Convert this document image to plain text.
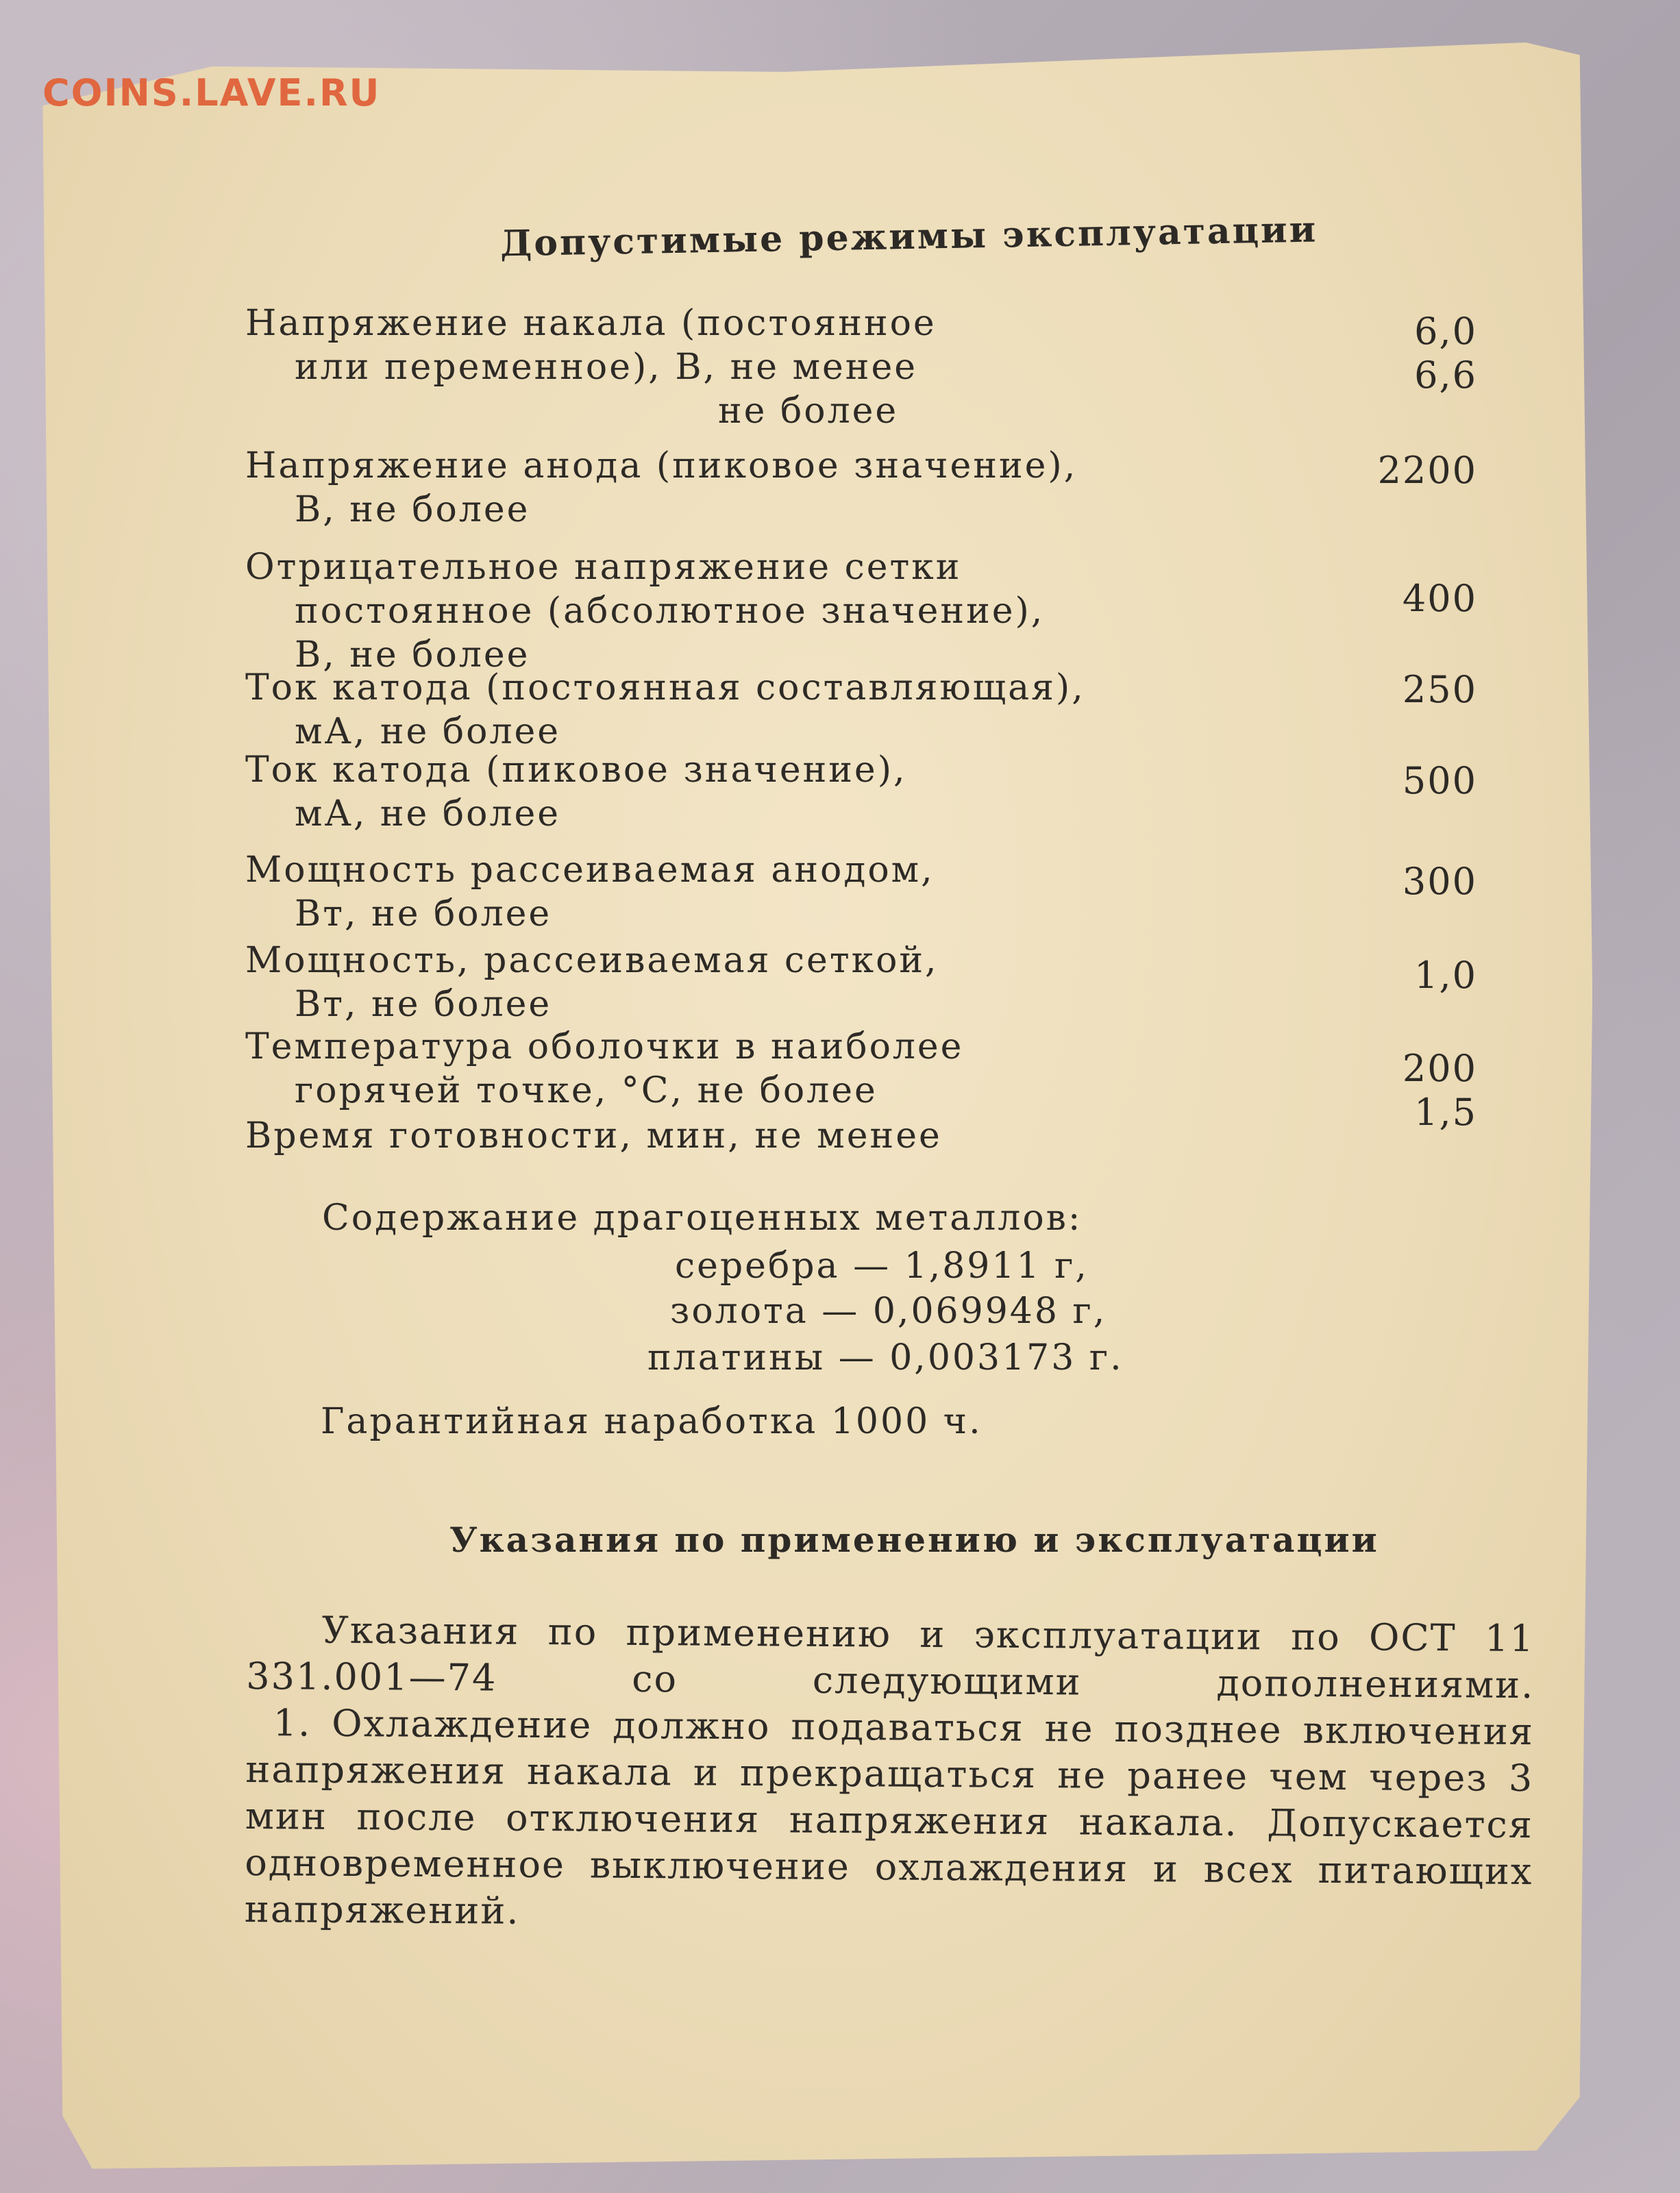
COINS.LAVE.RU
Допустимые режимы эксплуатации
Напряжение накала (постоянное
или переменное), В, не менее
не более
6,0
6,6
Напряжение анода (пиковое значение),
В, не более
2200
Отрицательное напряжение сетки
постоянное (абсолютное значение),
В, не более
400
Ток катода (постоянная составляющая),
мА, не более
250
Ток катода (пиковое значение),
мА, не более
500
Мощность рассеиваемая анодом,
Вт, не более
300
Мощность, рассеиваемая сеткой,
Вт, не более
1,0
Температура оболочки в наиболее
горячей точке, °С, не более
200
Время готовности, мин, не менее
1,5
Содержание драгоценных металлов:
серебра — 1,8911 г,
золота — 0,069948 г,
платины — 0,003173 г.
Гарантийная наработка 1000 ч.
Указания по применению и эксплуатации

Указания по применению и эксплуатации по ОСТ 11 331.001—74 со следующими дополнениями.

1. Охлаждение должно подаваться не позднее включения напряжения накала и прекращаться не ранее чем через 3 мин после отключения напряжения накала. Допускается одновременное выключение охлаждения и всех питающих напряжений.
